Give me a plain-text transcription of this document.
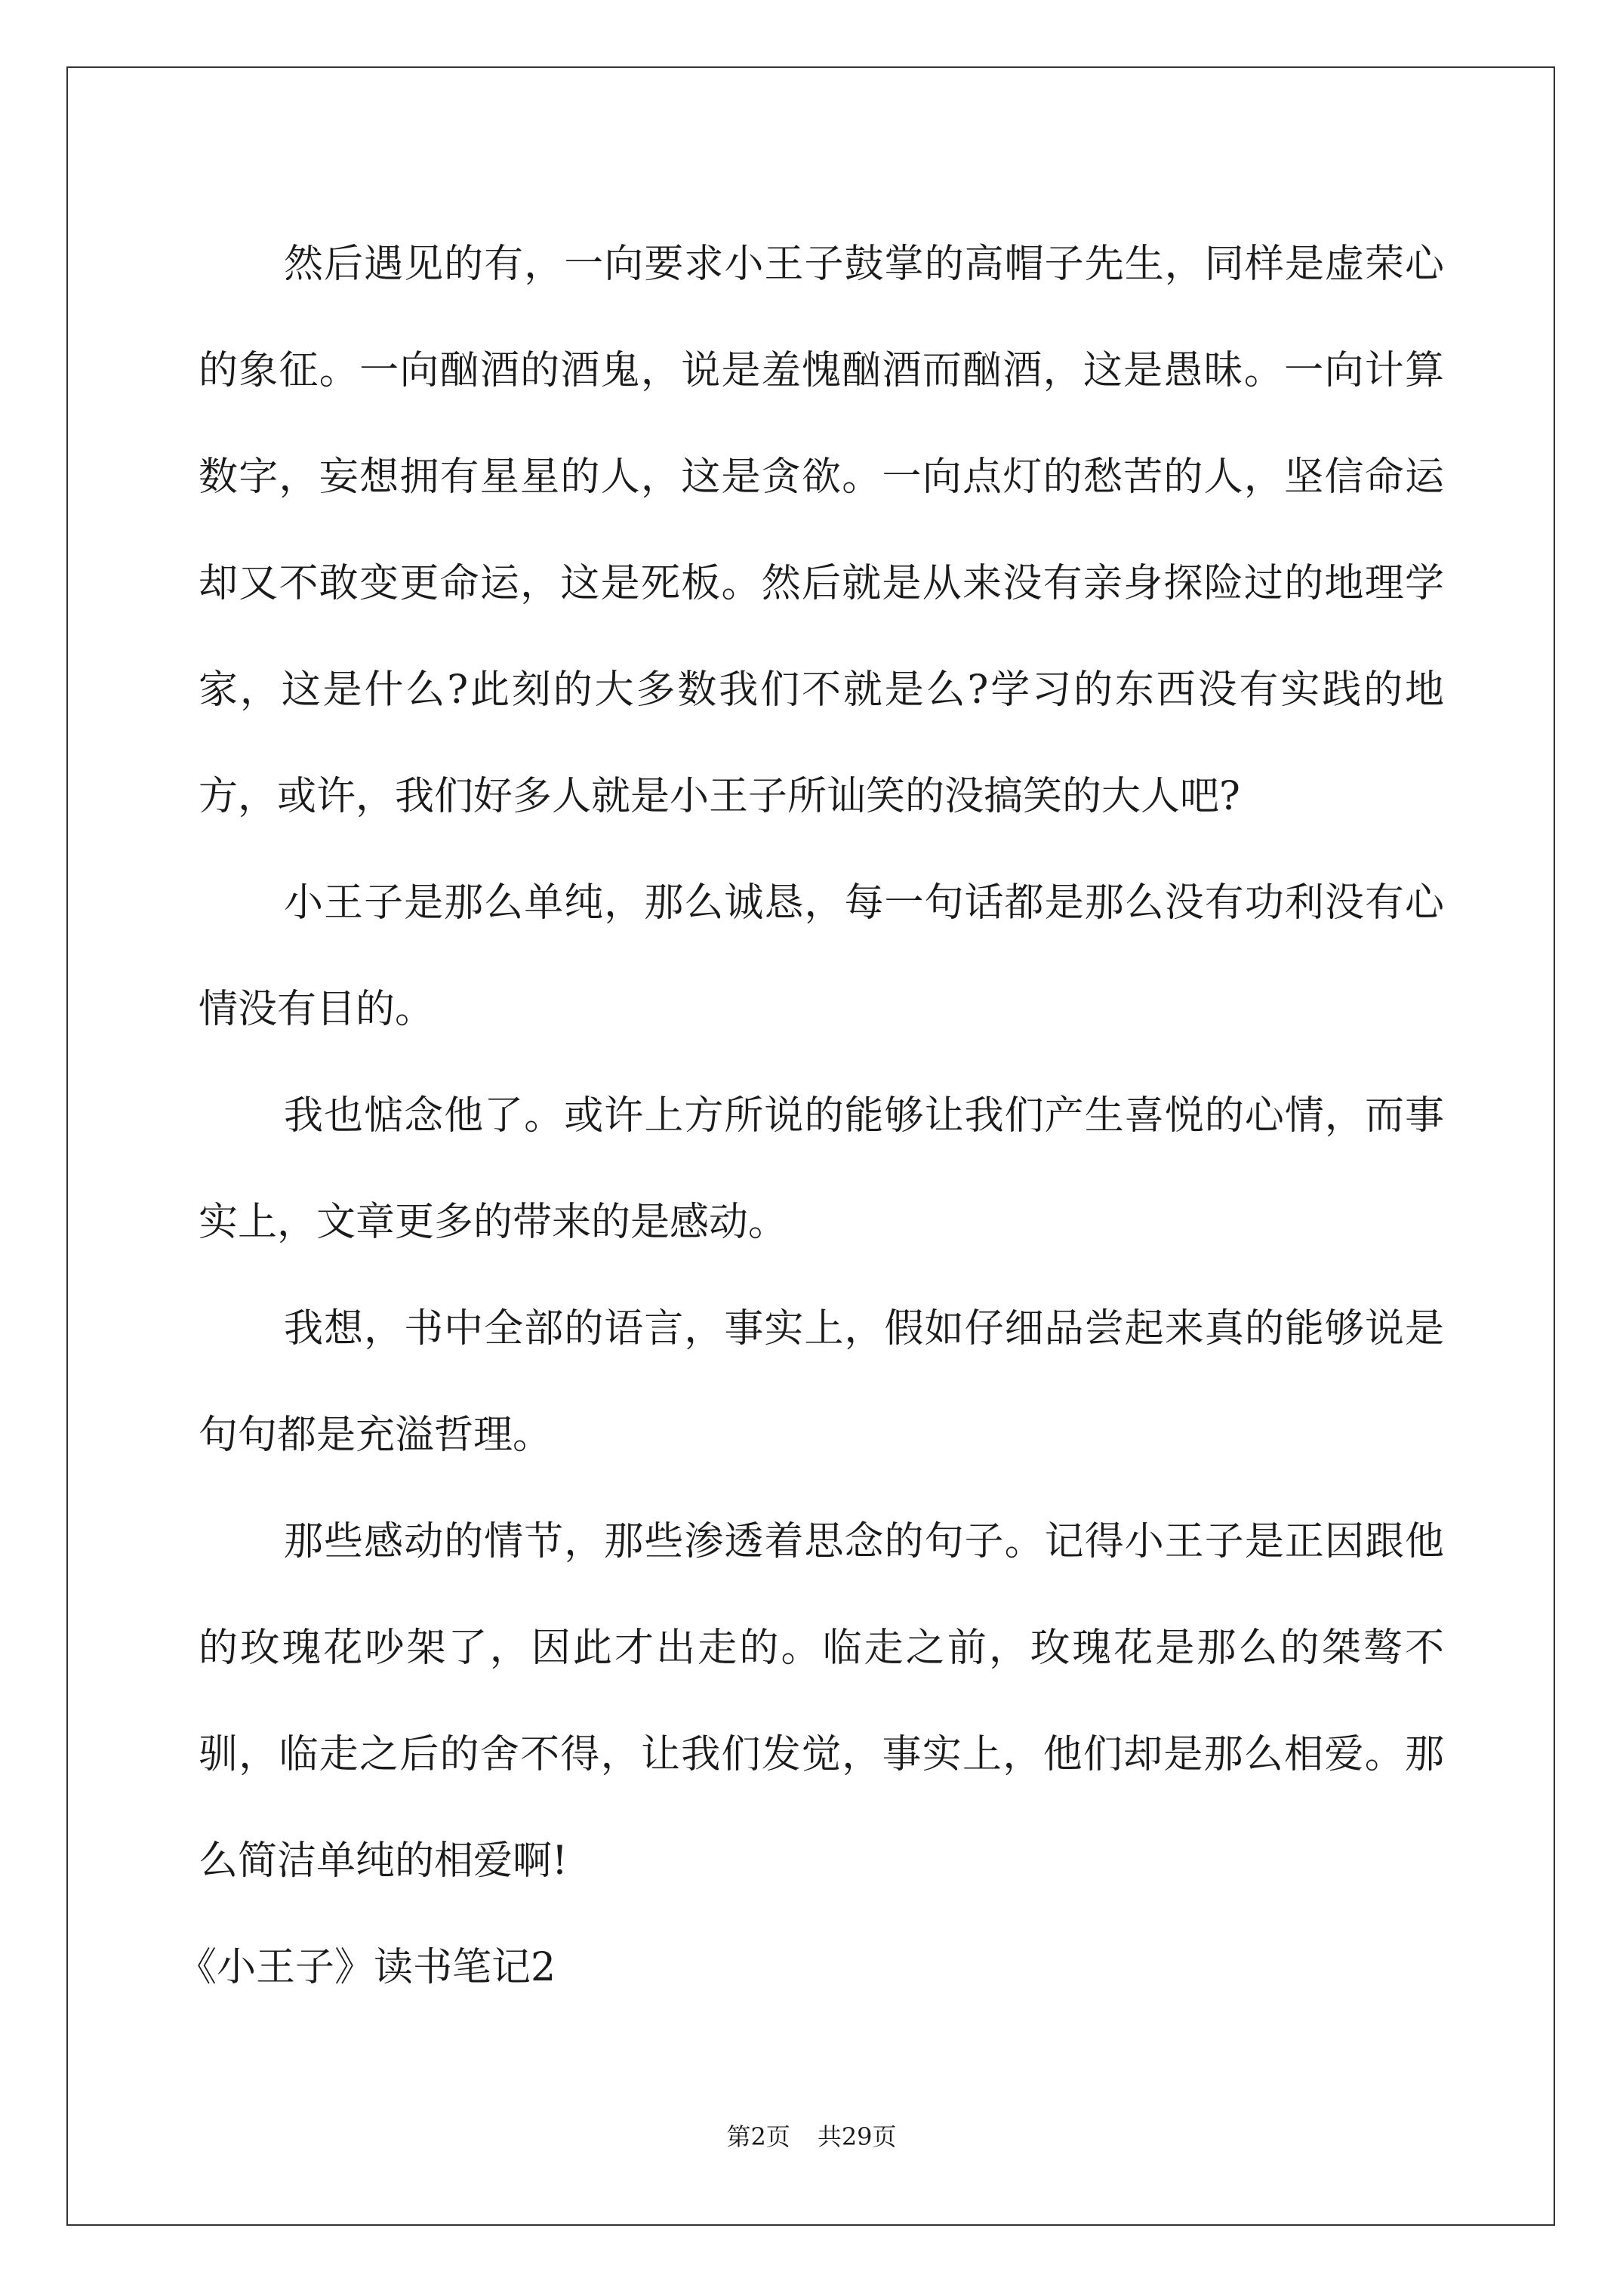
然后遇见的有，一向要求小王子鼓掌的高帽子先生，同样是虚荣心的象征。一向酗酒的酒鬼，说是羞愧酗酒而酗酒，这是愚昧。一向计算数字，妄想拥有星星的人，这是贪欲。一向点灯的愁苦的人，坚信命运却又不敢变更命运，这是死板。然后就是从来没有亲身探险过的地理学家，这是什么?此刻的大多数我们不就是么?学习的东西没有实践的地方，或许，我们好多人就是小王子所讪笑的没搞笑的大人吧?

小王子是那么单纯，那么诚恳，每一句话都是那么没有功利没有心情没有目的。

我也惦念他了。或许上方所说的能够让我们产生喜悦的心情，而事实上，文章更多的带来的是感动。

我想，书中全部的语言，事实上，假如仔细品尝起来真的能够说是句句都是充溢哲理。

那些感动的情节，那些渗透着思念的句子。记得小王子是正因跟他的玫瑰花吵架了，因此才出走的。临走之前，玫瑰花是那么的桀骜不驯，临走之后的舍不得，让我们发觉，事实上，他们却是那么相爱。那么简洁单纯的相爱啊!

《小王子》读书笔记2

第2页 共29页
